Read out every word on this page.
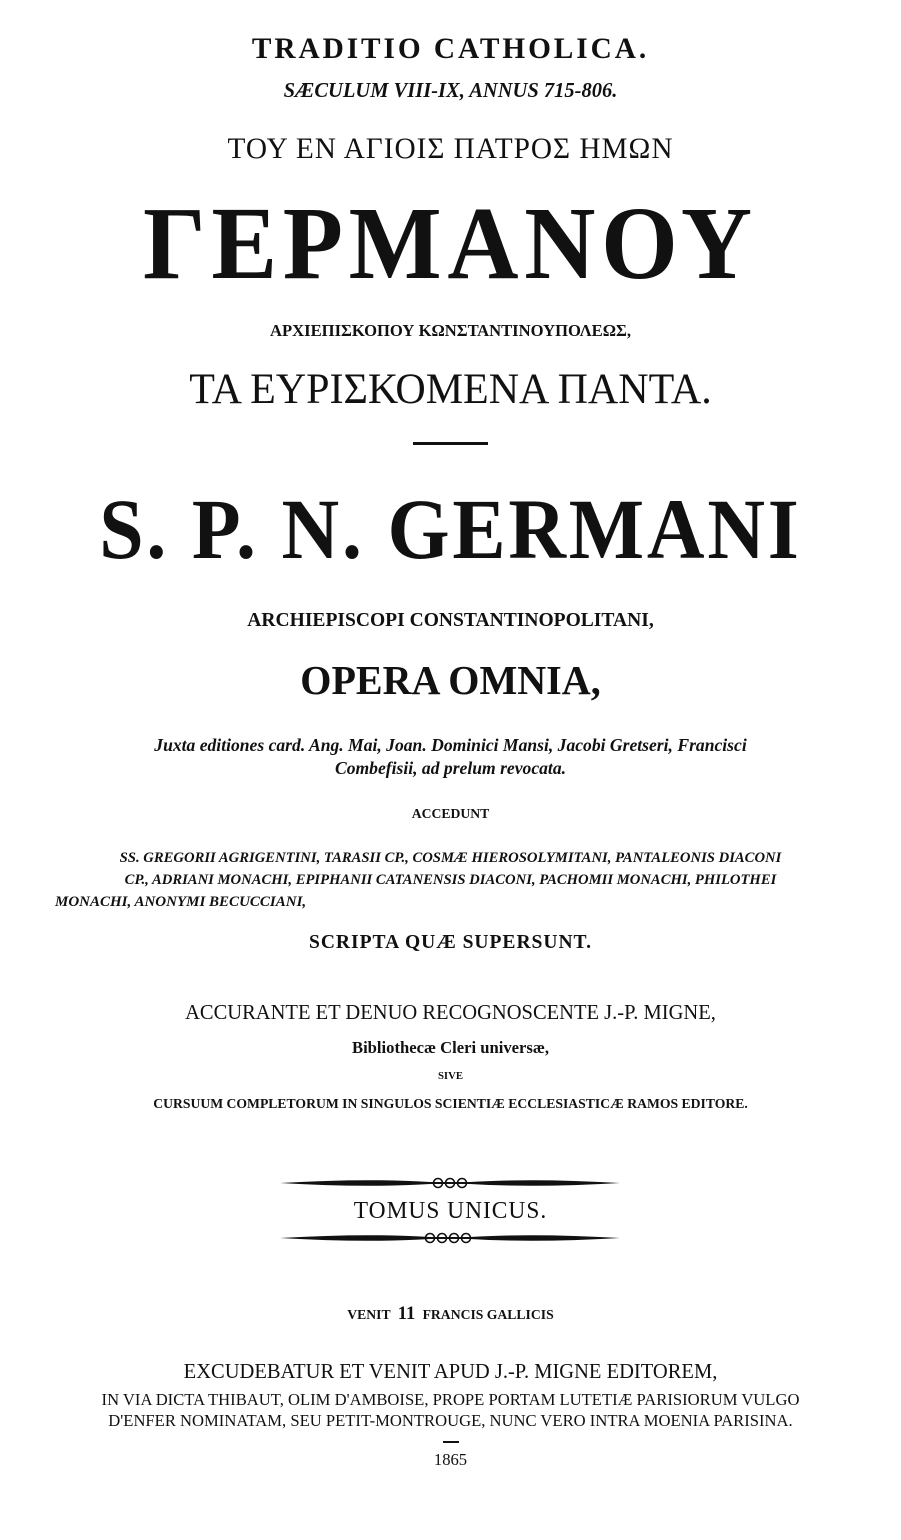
TRADITIO CATHOLICA.
SÆCULUM VIII-IX, ANNUS 715-806.
ΤΟΥ ΕΝ ΑΓΙΟΙΣ ΠΑΤΡΟΣ ΗΜΩΝ
ΓΕΡΜΑΝΟΥ
ΑΡΧΙΕΠΙΣΚΟΠΟΥ ΚΩΝΣΤΑΝΤΙΝΟΥΠΟΛΕΩΣ,
ΤΑ ΕΥΡΙΣΚΟΜΕΝΑ ΠΑΝΤΑ.
S. P. N. GERMANI
ARCHIEPISCOPI CONSTANTINOPOLITANI,
OPERA OMNIA,
Juxta editiones card. Ang. Mai, Joan. Dominici Mansi, Jacobi Gretseri, Francisci
Combefisii, ad prelum revocata.
ACCEDUNT
SS. GREGORII AGRIGENTINI, TARASII CP., COSMÆ HIEROSOLYMITANI, PANTALEONIS DIACONI
CP., ADRIANI MONACHI, EPIPHANII CATANENSIS DIACONI, PACHOMII MONACHI, PHILOTHEI
MONACHI, ANONYMI BECUCCIANI,
SCRIPTA QUÆ SUPERSUNT.
ACCURANTE ET DENUO RECOGNOSCENTE J.-P. MIGNE,
Bibliothecæ Cleri universæ,
SIVE
CURSUUM COMPLETORUM IN SINGULOS SCIENTIÆ ECCLESIASTICÆ RAMOS EDITORE.
TOMUS UNICUS.
VENIT 11 FRANCIS GALLICIS
EXCUDEBATUR ET VENIT APUD J.-P. MIGNE EDITOREM,
IN VIA DICTA THIBAUT, OLIM D'AMBOISE, PROPE PORTAM LUTETIÆ PARISIORUM VULGO
D'ENFER NOMINATAM, SEU PETIT-MONTROUGE, NUNC VERO INTRA MOENIA PARISINA.
1865
